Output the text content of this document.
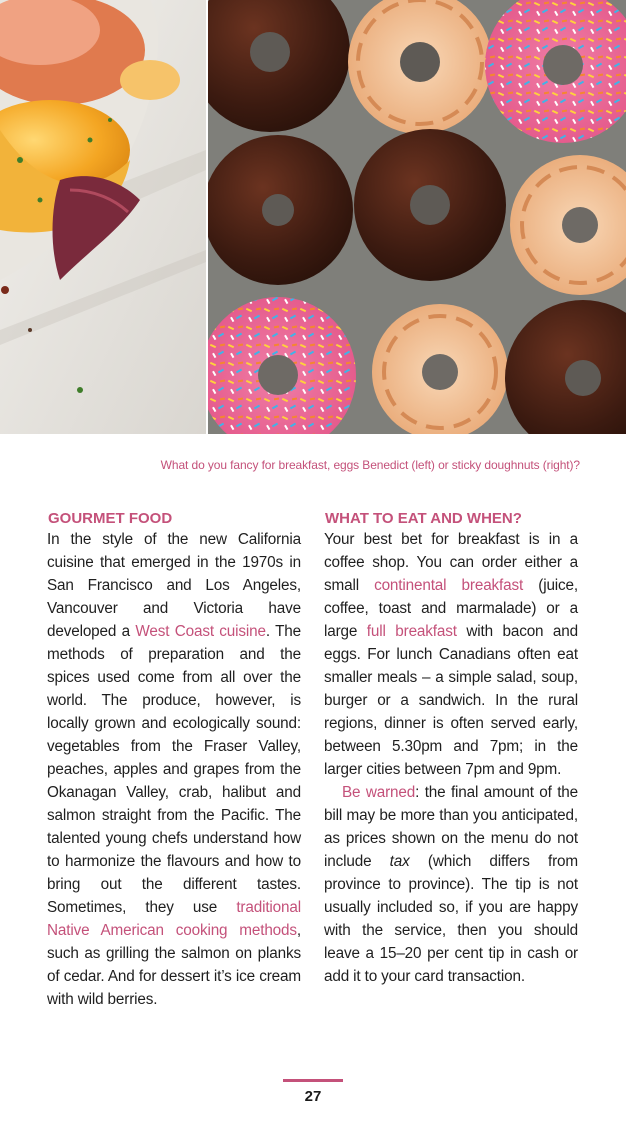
What do you fancy for breakfast, eggs Benedict (left) or sticky doughnuts (right)?
GOURMET FOOD

In the style of the new California cuisine that emerged in the 1970s in San Francisco and Los Angeles, Vancouver and Victoria have developed a West Coast cuisine. The methods of preparation and the spices used come from all over the world. The produce, however, is locally grown and ecologically sound: vegetables from the Fraser Valley, peaches, apples and grapes from the Okanagan Valley, crab, halibut and salmon straight from the Pacific. The talented young chefs understand how to harmonize the flavours and how to bring out the different tastes. Sometimes, they use traditional Native American cooking methods, such as grilling the salmon on planks of cedar. And for dessert it’s ice cream with wild berries.

WHAT TO EAT AND WHEN?

Your best bet for breakfast is in a coffee shop. You can order either a small continental breakfast (juice, coffee, toast and marmalade) or a large full breakfast with bacon and eggs. For lunch Canadians often eat smaller meals – a simple salad, soup, burger or a sandwich. In the rural regions, dinner is often served early, between 5.30pm and 7pm; in the larger cities between 7pm and 9pm.

Be warned: the final amount of the bill may be more than you anticipated, as prices shown on the menu do not include tax (which differs from province to province). The tip is not usually included so, if you are happy with the service, then you should leave a 15–20 per cent tip in cash or add it to your card transaction.

27
